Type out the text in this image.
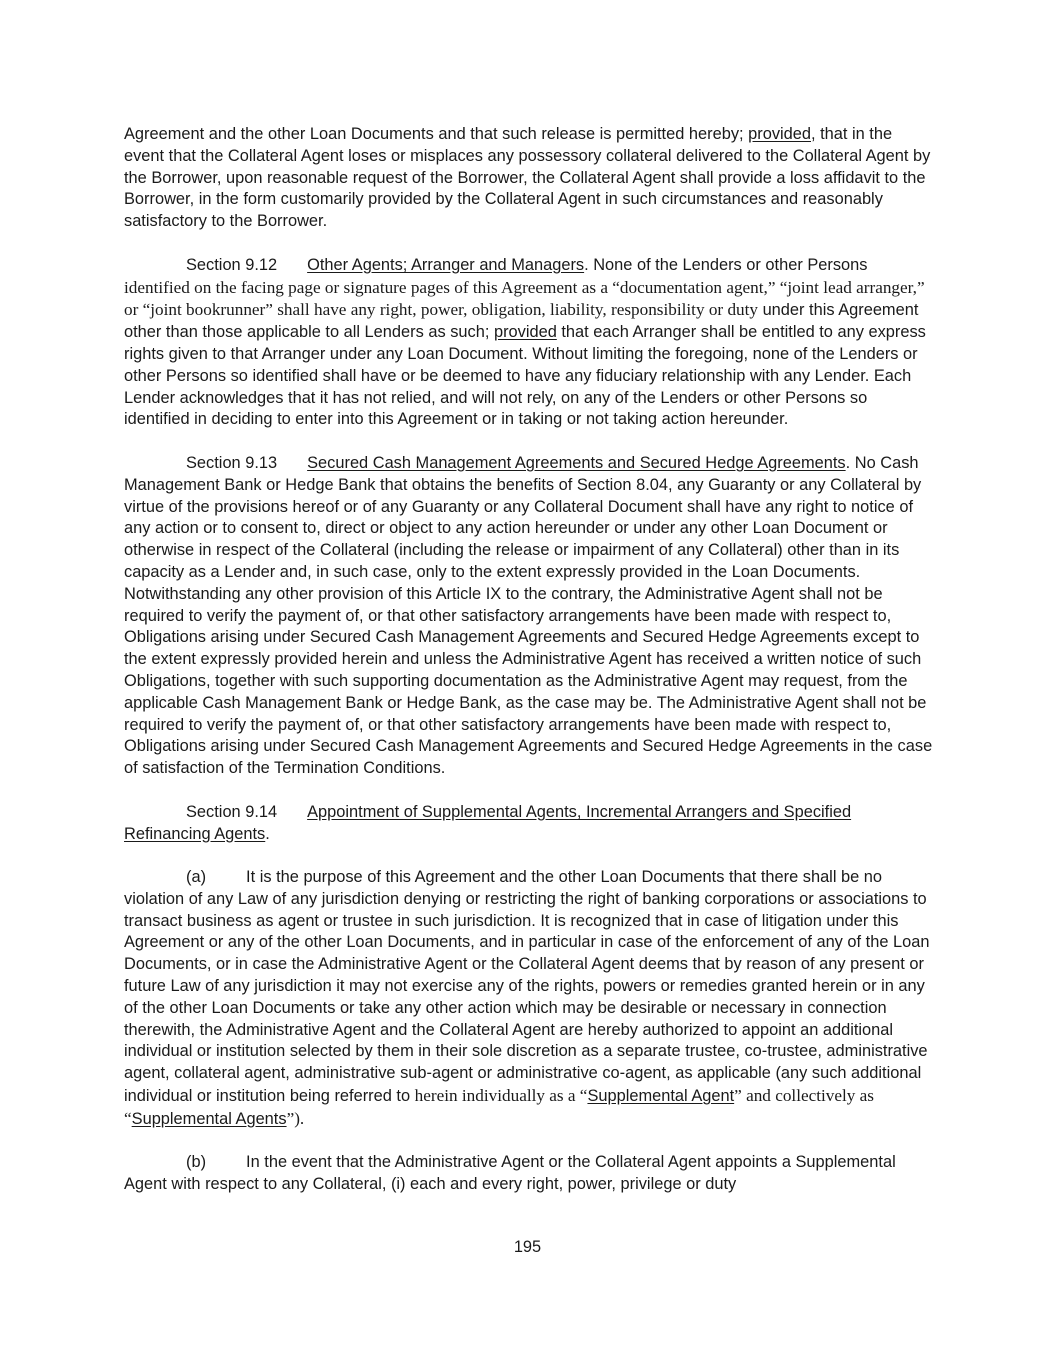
Agreement and the other Loan Documents and that such release is permitted hereby; provided, that in the event that the Collateral Agent loses or misplaces any possessory collateral delivered to the Collateral Agent by the Borrower, upon reasonable request of the Borrower, the Collateral Agent shall provide a loss affidavit to the Borrower, in the form customarily provided by the Collateral Agent in such circumstances and reasonably satisfactory to the Borrower.

Section 9.12 Other Agents; Arranger and Managers. None of the Lenders or other Persons identified on the facing page or signature pages of this Agreement as a “documentation agent,” “joint lead arranger,” or “joint bookrunner” shall have any right, power, obligation, liability, responsibility or duty under this Agreement other than those applicable to all Lenders as such; provided that each Arranger shall be entitled to any express rights given to that Arranger under any Loan Document. Without limiting the foregoing, none of the Lenders or other Persons so identified shall have or be deemed to have any fiduciary relationship with any Lender. Each Lender acknowledges that it has not relied, and will not rely, on any of the Lenders or other Persons so identified in deciding to enter into this Agreement or in taking or not taking action hereunder.

Section 9.13 Secured Cash Management Agreements and Secured Hedge Agreements. No Cash Management Bank or Hedge Bank that obtains the benefits of Section 8.04, any Guaranty or any Collateral by virtue of the provisions hereof or of any Guaranty or any Collateral Document shall have any right to notice of any action or to consent to, direct or object to any action hereunder or under any other Loan Document or otherwise in respect of the Collateral (including the release or impairment of any Collateral) other than in its capacity as a Lender and, in such case, only to the extent expressly provided in the Loan Documents. Notwithstanding any other provision of this Article IX to the contrary, the Administrative Agent shall not be required to verify the payment of, or that other satisfactory arrangements have been made with respect to, Obligations arising under Secured Cash Management Agreements and Secured Hedge Agreements except to the extent expressly provided herein and unless the Administrative Agent has received a written notice of such Obligations, together with such supporting documentation as the Administrative Agent may request, from the applicable Cash Management Bank or Hedge Bank, as the case may be. The Administrative Agent shall not be required to verify the payment of, or that other satisfactory arrangements have been made with respect to, Obligations arising under Secured Cash Management Agreements and Secured Hedge Agreements in the case of satisfaction of the Termination Conditions.

Section 9.14 Appointment of Supplemental Agents, Incremental Arrangers and Specified Refinancing Agents.

(a) It is the purpose of this Agreement and the other Loan Documents that there shall be no violation of any Law of any jurisdiction denying or restricting the right of banking corporations or associations to transact business as agent or trustee in such jurisdiction. It is recognized that in case of litigation under this Agreement or any of the other Loan Documents, and in particular in case of the enforcement of any of the Loan Documents, or in case the Administrative Agent or the Collateral Agent deems that by reason of any present or future Law of any jurisdiction it may not exercise any of the rights, powers or remedies granted herein or in any of the other Loan Documents or take any other action which may be desirable or necessary in connection therewith, the Administrative Agent and the Collateral Agent are hereby authorized to appoint an additional individual or institution selected by them in their sole discretion as a separate trustee, co-trustee, administrative agent, collateral agent, administrative sub-agent or administrative co-agent, as applicable (any such additional individual or institution being referred to herein individually as a “Supplemental Agent” and collectively as “Supplemental Agents”).

(b) In the event that the Administrative Agent or the Collateral Agent appoints a Supplemental Agent with respect to any Collateral, (i) each and every right, power, privilege or duty

195
